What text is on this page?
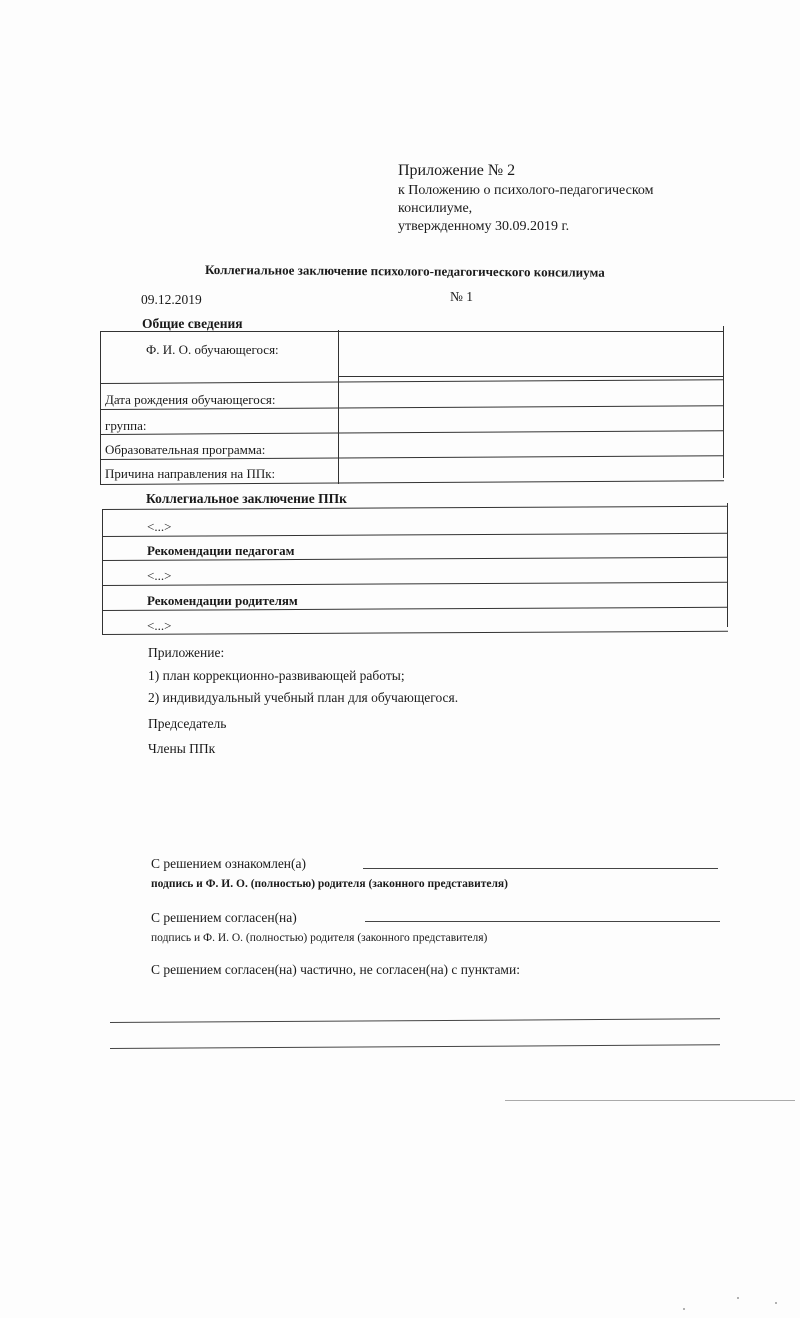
Приложение № 2
к Положению о психолого-педагогическом
консилиуме,
утвержденному 30.09.2019 г.
Коллегиальное заключение психолого-педагогического консилиума
09.12.2019	№ 1
Общие сведения
Ф. И. О. обучающегося:
Дата рождения обучающегося:
группа:
Образовательная программа:
Причина направления на ППк:
Коллегиальное заключение ППк
<...>
Рекомендации педагогам
<...>
Рекомендации родителям
<...>
Приложение:
1) план коррекционно-развивающей работы;
2) индивидуальный учебный план для обучающегося.
Председатель
Члены ППк
С решением ознакомлен(а)
подпись и Ф. И. О. (полностью) родителя (законного представителя)
С решением согласен(на)
подпись и Ф. И. О. (полностью) родителя (законного представителя)
С решением согласен(на) частично, не согласен(на) с пунктами:
